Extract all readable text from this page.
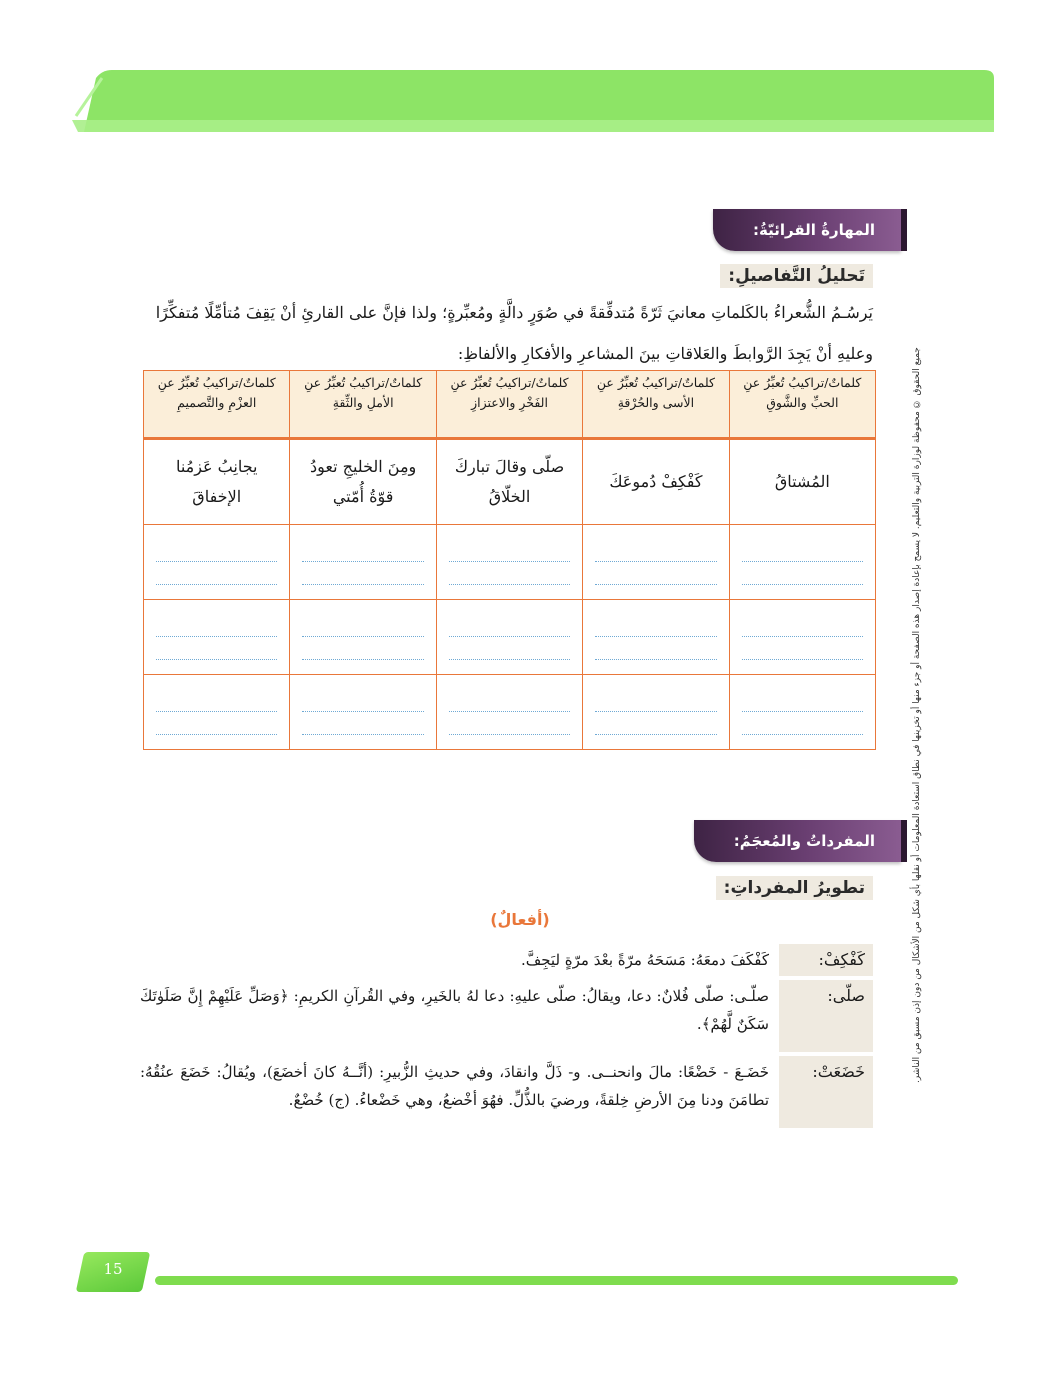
المهارةُ القرائيّةُ:
تَحليلُ التَّفاصيلِ:
يَرسُـمُ الشُّعراءُ بالكَلماتِ معانيَ ثَرّةً مُتدفِّقةً في صُوَرٍ دالَّةٍ ومُعبِّرةٍ؛ ولذا فإنَّ على القارئِ أنْ يَقِفَ مُتأمِّلًا مُتفكِّرًا
وعليهِ أنْ يَجِدَ الرَّوابطَ والعَلاقاتِ بينَ المشاعرِ والأفكارِ والألفاظِ:
كلماتٌ/تراكيبُ تُعبِّرُ عنِ الحبِّ والشَّوقِ	كلماتٌ/تراكيبُ تُعبِّرُ عنِ الأسى والحُرْقةِ	كلماتٌ/تراكيبُ تُعبِّرُ عنِ الفَخْرِ والاعتزازِ	كلماتٌ/تراكيبُ تُعبِّرُ عنِ الأملِ والثِّقةِ	كلماتٌ/تراكيبُ تُعبِّرُ عنِ العزْمِ والتَّصميمِ
المُشتاقُ	كَفْكِفْ دُموعَكَ	صلّى وقالَ تباركَ الخلّاقُ	ومِنَ الخليجِ تعودُ قوّةُ أُمّتي	يجانِبُ عَزمُنا الإخفاقَ

المفرداتُ والمُعجَمُ:
تطويرُ المفرداتِ:
(أفعالٌ)
كَفْكِفْ:	كَفْكَفَ دمعَهُ: مَسَحَهُ مرّةً بعْدَ مرّةٍ ليَجِفَّ.
صلّى:	صلّـى: صلّى فُلانٌ: دعا، ويقالُ: صلّى عليهِ: دعا لهُ بالخَيرِ، وفي القُرآنِ الكريمِ: ﴿وَصَلِّ عَلَيْهِمْ إِنَّ صَلَوٰتَكَ سَكَنٌ لَّهُمْ﴾.
خَضَعَتْ:	خَضَـعَ - خَضْعًا: مالَ وانحنــى. و- ذَلَّ وانقادَ، وفي حديثِ الزُّبيرِ: (أنَّــهُ كانَ أخضَعَ)، ويُقالُ: خَضَعَ عنُقُهُ: تطامَنَ ودنا مِنَ الأرضِ خِلقةً، ورضيَ بالذُّلِّ. فهُوَ أخْضعُ، وهي خَضْعاءُ. (ج) خُضْعٌ.
جميع الحقوق © محفوظة لوزارة التربية والتعليم. لا يسمح بإعادة إصدار هذه الصفحة أو جزء منها أو تخزينها في نطاق استعادة المعلومات أو نقلها بأي شكل من الأشكال من دون إذن مسبق من الناشر.
15
